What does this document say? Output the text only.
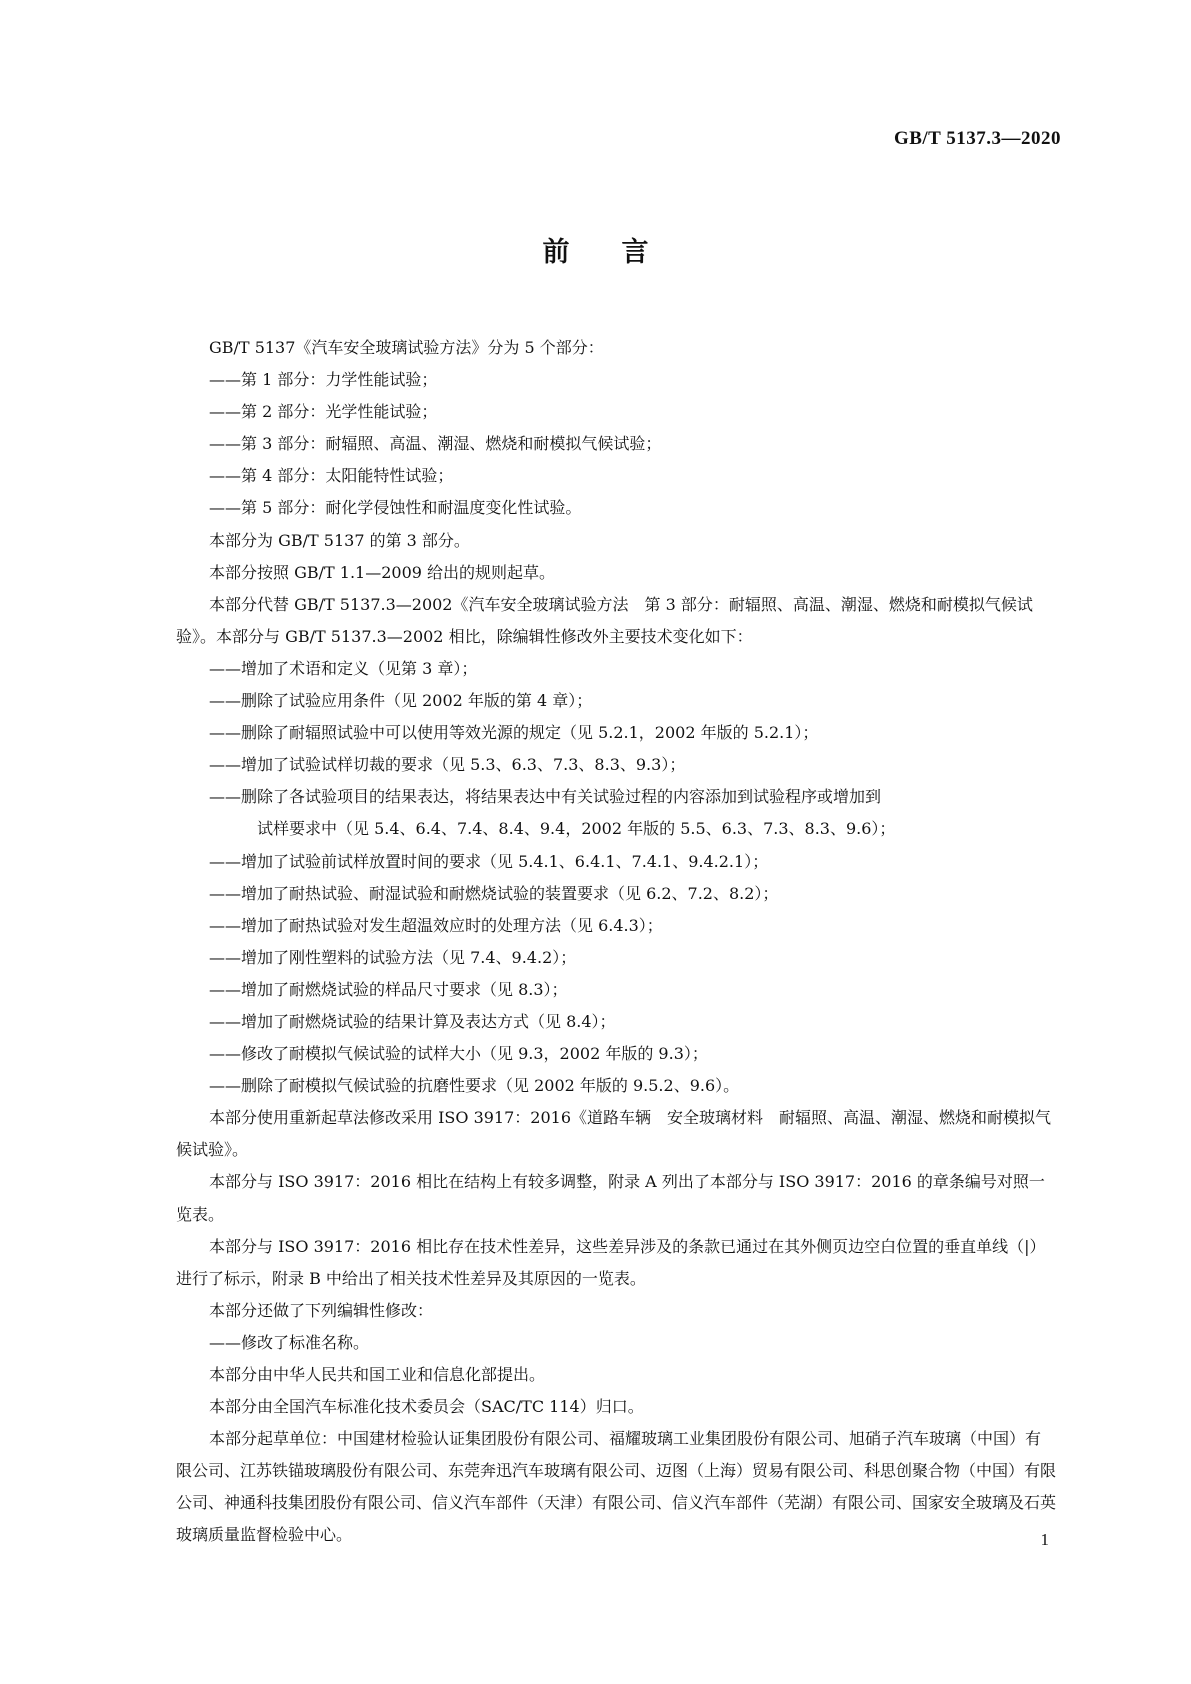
GB/T 5137.3—2020
前言

GB/T 5137《汽车安全玻璃试验方法》分为 5 个部分：

——第 1 部分：力学性能试验；

——第 2 部分：光学性能试验；

——第 3 部分：耐辐照、高温、潮湿、燃烧和耐模拟气候试验；

——第 4 部分：太阳能特性试验；

——第 5 部分：耐化学侵蚀性和耐温度变化性试验。

本部分为 GB/T 5137 的第 3 部分。

本部分按照 GB/T 1.1—2009 给出的规则起草。

本部分代替 GB/T 5137.3—2002《汽车安全玻璃试验方法　第 3 部分：耐辐照、高温、潮湿、燃烧和耐模拟气候试验》。本部分与 GB/T 5137.3—2002 相比，除编辑性修改外主要技术变化如下：

——增加了术语和定义（见第 3 章）；

——删除了试验应用条件（见 2002 年版的第 4 章）；

——删除了耐辐照试验中可以使用等效光源的规定（见 5.2.1，2002 年版的 5.2.1）；

——增加了试验试样切裁的要求（见 5.3、6.3、7.3、8.3、9.3）；

——删除了各试验项目的结果表达，将结果表达中有关试验过程的内容添加到试验程序或增加到
试样要求中（见 5.4、6.4、7.4、8.4、9.4，2002 年版的 5.5、6.3、7.3、8.3、9.6）；

——增加了试验前试样放置时间的要求（见 5.4.1、6.4.1、7.4.1、9.4.2.1）；

——增加了耐热试验、耐湿试验和耐燃烧试验的装置要求（见 6.2、7.2、8.2）；

——增加了耐热试验对发生超温效应时的处理方法（见 6.4.3）；

——增加了刚性塑料的试验方法（见 7.4、9.4.2）；

——增加了耐燃烧试验的样品尺寸要求（见 8.3）；

——增加了耐燃烧试验的结果计算及表达方式（见 8.4）；

——修改了耐模拟气候试验的试样大小（见 9.3，2002 年版的 9.3）；

——删除了耐模拟气候试验的抗磨性要求（见 2002 年版的 9.5.2、9.6）。

本部分使用重新起草法修改采用 ISO 3917：2016《道路车辆　安全玻璃材料　耐辐照、高温、潮湿、燃烧和耐模拟气候试验》。

本部分与 ISO 3917：2016 相比在结构上有较多调整，附录 A 列出了本部分与 ISO 3917：2016 的章条编号对照一览表。

本部分与 ISO 3917：2016 相比存在技术性差异，这些差异涉及的条款已通过在其外侧页边空白位置的垂直单线（|）进行了标示，附录 B 中给出了相关技术性差异及其原因的一览表。

本部分还做了下列编辑性修改：

——修改了标准名称。

本部分由中华人民共和国工业和信息化部提出。

本部分由全国汽车标准化技术委员会（SAC/TC 114）归口。

本部分起草单位：中国建材检验认证集团股份有限公司、福耀玻璃工业集团股份有限公司、旭硝子汽车玻璃（中国）有限公司、江苏铁锚玻璃股份有限公司、东莞奔迅汽车玻璃有限公司、迈图（上海）贸易有限公司、科思创聚合物（中国）有限公司、神通科技集团股份有限公司、信义汽车部件（天津）有限公司、信义汽车部件（芜湖）有限公司、国家安全玻璃及石英玻璃质量监督检验中心。	1
